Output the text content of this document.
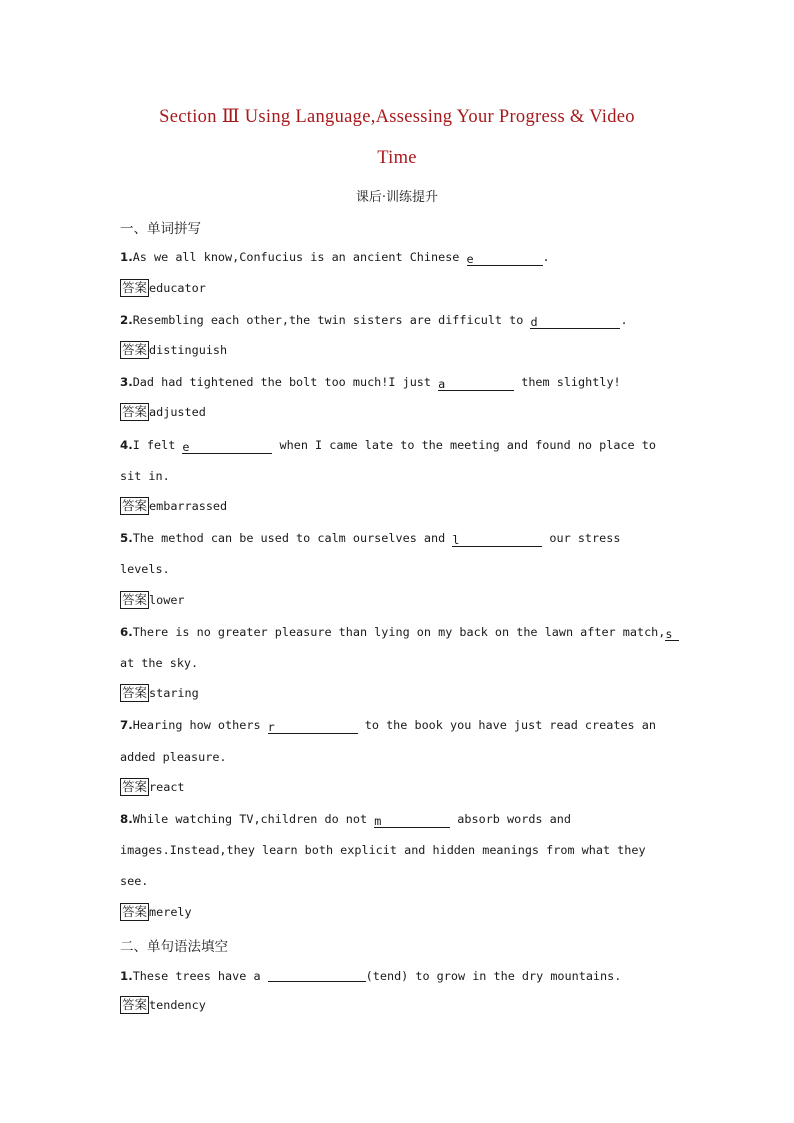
Section Ⅲ Using Language,Assessing Your Progress & Video
Time
课后·训练提升
一、单词拼写
1.As we all know,Confucius is an ancient Chinese e	.
答案 educator
2.Resembling each other,the twin sisters are difficult to d	.
答案 distinguish
3.Dad had tightened the bolt too much!I just a	them slightly!
答案 adjusted
4.I felt e	when I came late to the meeting and found no place to
sit in.
答案 embarrassed
5.The method can be used to calm ourselves and l	our stress
levels.
答案 lower
6.There is no greater pleasure than lying on my back on the lawn after match,s
at the sky.
答案 staring
7.Hearing how others r	to the book you have just read creates an
added pleasure.
答案 react
8.While watching TV,children do not m	absorb words and
images.Instead,they learn both explicit and hidden meanings from what they
see.
答案 merely
二、单句语法填空
1.These trees have a	(tend) to grow in the dry mountains.
答案 tendency
